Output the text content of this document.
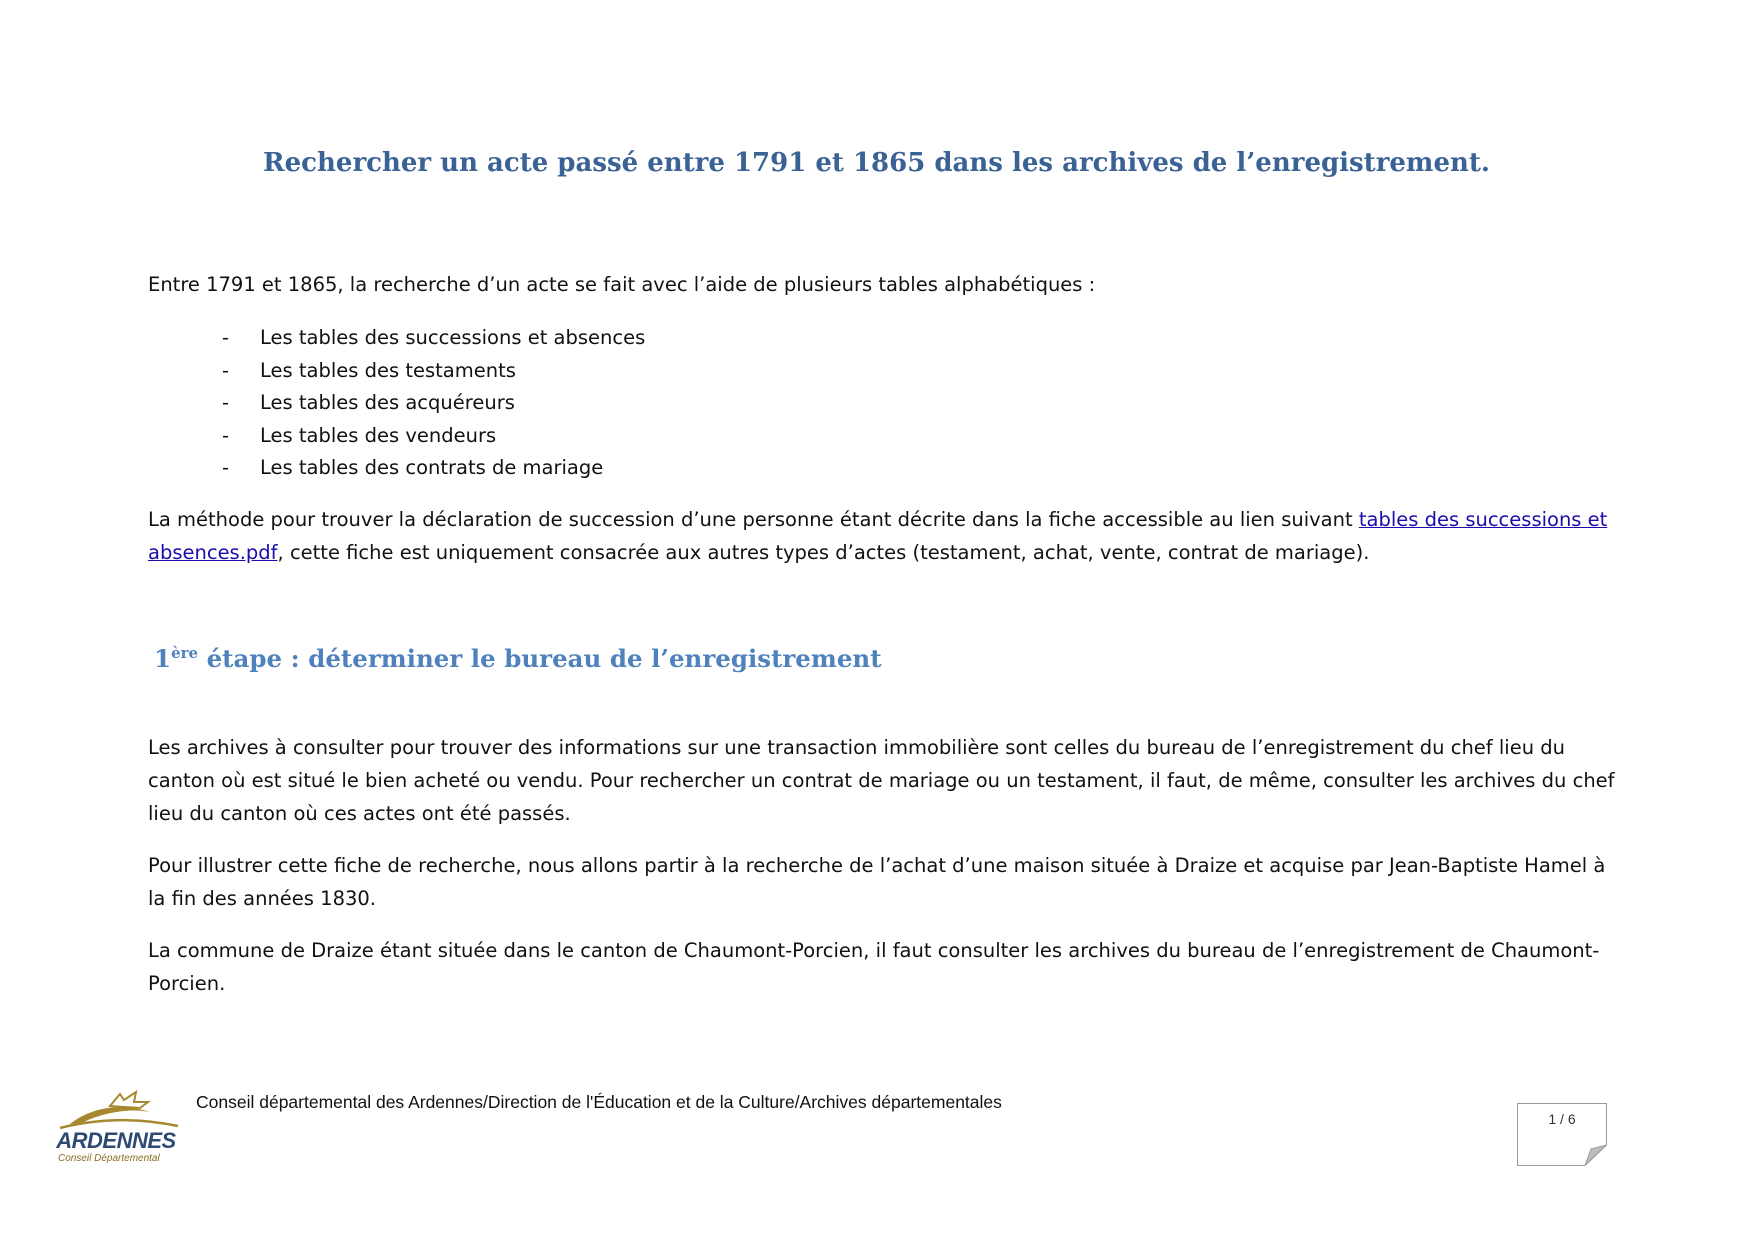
Rechercher un acte passé entre 1791 et 1865 dans les archives de l’enregistrement.
Entre 1791 et 1865, la recherche d’un acte se fait avec l’aide de plusieurs tables alphabétiques :
- Les tables des successions et absences
- Les tables des testaments
- Les tables des acquéreurs
- Les tables des vendeurs
- Les tables des contrats de mariage
La méthode pour trouver la déclaration de succession d’une personne étant décrite dans la fiche accessible au lien suivant tables des successions et absences.pdf, cette fiche est uniquement consacrée aux autres types d’actes (testament, achat, vente, contrat de mariage).
1ère étape : déterminer le bureau de l’enregistrement
Les archives à consulter pour trouver des informations sur une transaction immobilière sont celles du bureau de l’enregistrement du chef lieu du canton où est situé le bien acheté ou vendu. Pour rechercher un contrat de mariage ou un testament, il faut, de même, consulter les archives du chef lieu du canton où ces actes ont été passés.
Pour illustrer cette fiche de recherche, nous allons partir à la recherche de l’achat d’une maison située à Draize et acquise par Jean-Baptiste Hamel à la fin des années 1830.
La commune de Draize étant située dans le canton de Chaumont-Porcien, il faut consulter les archives du bureau de l’enregistrement de Chaumont-Porcien.
ARDENNES
Conseil Départemental
Conseil départemental des Ardennes/Direction de l'Éducation et de la Culture/Archives départementales
1 / 6
